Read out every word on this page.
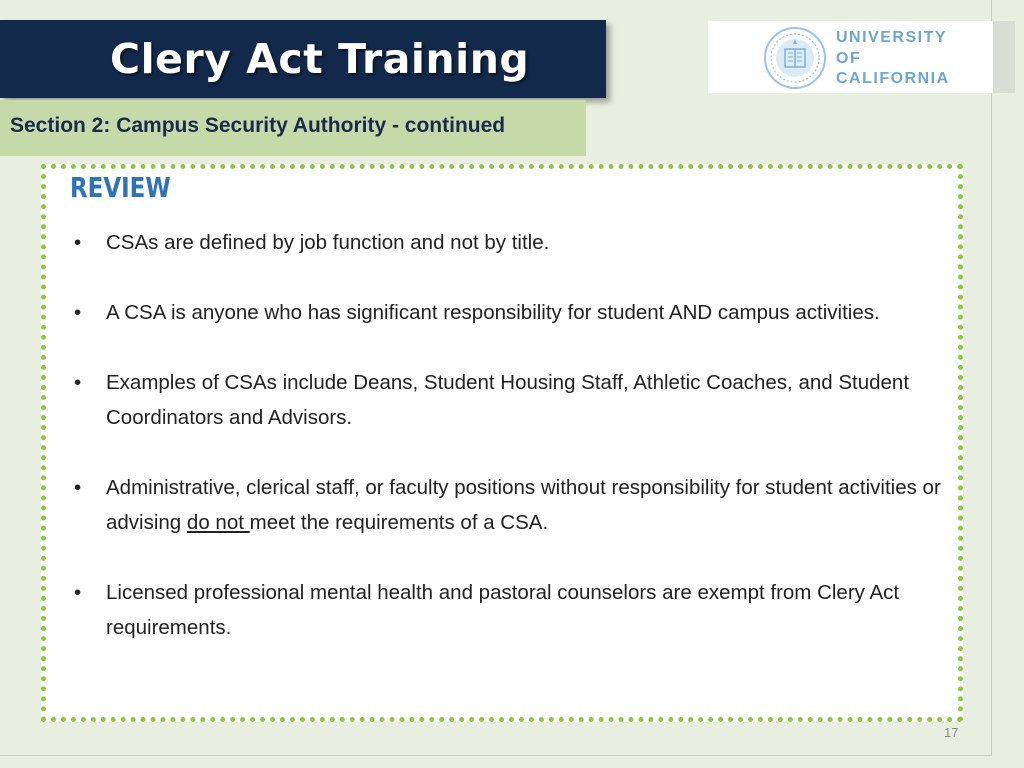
Clery Act Training
Section 2: Campus Security Authority - continued
UNIVERSITY
OF
CALIFORNIA
REVIEW
• CSAs are defined by job function and not by title.
• A CSA is anyone who has significant responsibility for student AND campus activities.
• Examples of CSAs include Deans, Student Housing Staff, Athletic Coaches, and Student Coordinators and Advisors.
• Administrative, clerical staff, or faculty positions without responsibility for student activities or advising do not meet the requirements of a CSA.
• Licensed professional mental health and pastoral counselors are exempt from Clery Act requirements.
17
